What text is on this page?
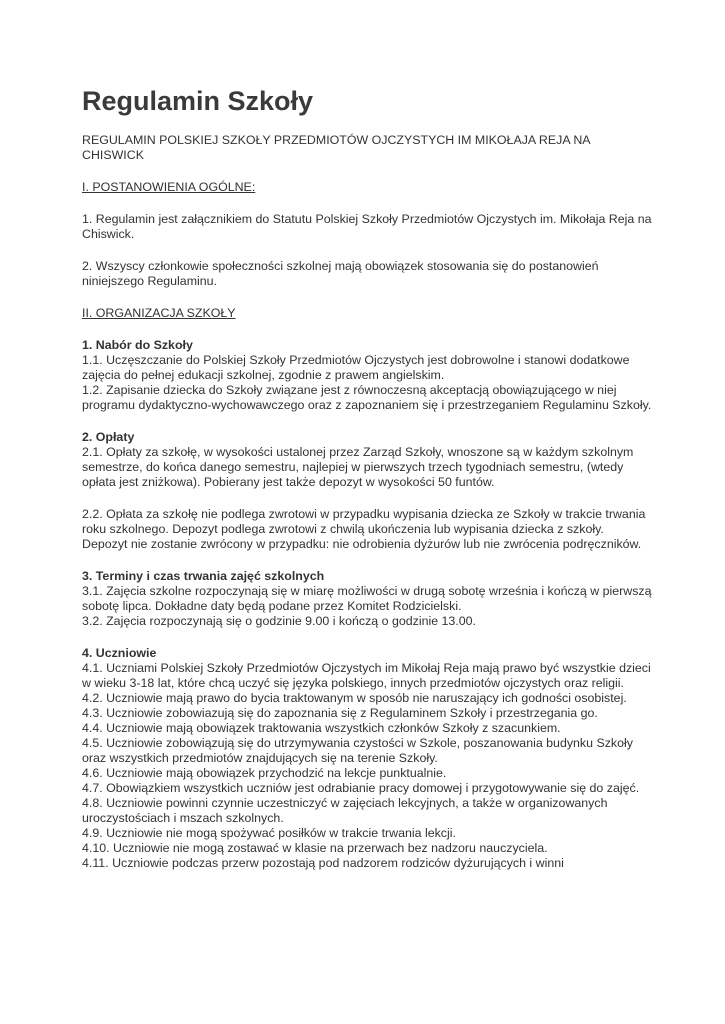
Regulamin Szkoły

REGULAMIN POLSKIEJ SZKOŁY PRZEDMIOTÓW OJCZYSTYCH IM MIKOŁAJA REJA NA CHISWICK

I. POSTANOWIENIA OGÓLNE:

1. Regulamin jest załącznikiem do Statutu Polskiej Szkoły Przedmiotów Ojczystych im. Mikołaja Reja na Chiswick.

2. Wszyscy członkowie społeczności szkolnej mają obowiązek stosowania się do postanowień niniejszego Regulaminu.

II. ORGANIZACJA SZKOŁY

1. Nabór do Szkoły

1.1. Uczęszczanie do Polskiej Szkoły Przedmiotów Ojczystych jest dobrowolne i stanowi dodatkowe zajęcia do pełnej edukacji szkolnej, zgodnie z prawem angielskim.
1.2. Zapisanie dziecka do Szkoły związane jest z równoczesną akceptacją obowiązującego w niej programu dydaktyczno-wychowawczego oraz z zapoznaniem się i przestrzeganiem Regulaminu Szkoły.

2. Opłaty

2.1. Opłaty za szkołę, w wysokości ustalonej przez Zarząd Szkoły, wnoszone są w każdym szkolnym semestrze, do końca danego semestru, najlepiej w pierwszych trzech tygodniach semestru, (wtedy opłata jest zniżkowa). Pobierany jest także depozyt w wysokości 50 funtów.

2.2. Opłata za szkołę nie podlega zwrotowi w przypadku wypisania dziecka ze Szkoły w trakcie trwania roku szkolnego. Depozyt podlega zwrotowi z chwilą ukończenia lub wypisania dziecka z szkoły. Depozyt nie zostanie zwrócony w przypadku: nie odrobienia dyżurów lub nie zwrócenia podręczników.

3. Terminy i czas trwania zajęć szkolnych

3.1. Zajęcia szkolne rozpoczynają się w miarę możliwości w drugą sobotę września i kończą w pierwszą sobotę lipca. Dokładne daty będą podane przez Komitet Rodzicielski.
3.2. Zajęcia rozpoczynają się o godzinie 9.00 i kończą o godzinie 13.00.

4. Uczniowie

4.1. Uczniami Polskiej Szkoły Przedmiotów Ojczystych im Mikołaj Reja mają prawo być wszystkie dzieci w wieku 3-18 lat, które chcą uczyć się języka polskiego, innych przedmiotów ojczystych oraz religii.
4.2. Uczniowie mają prawo do bycia traktowanym w sposób nie naruszający ich godności osobistej.
4.3. Uczniowie zobowiazują się do zapoznania się z Regulaminem Szkoły i przestrzegania go.
4.4. Uczniowie mają obowiązek traktowania wszystkich członków Szkoły z szacunkiem.
4.5. Uczniowie zobowiązują się do utrzymywania czystości w Szkole, poszanowania budynku Szkoły oraz wszystkich przedmiotów znajdujących się na terenie Szkoły.
4.6. Uczniowie mają obowiązek przychodzić na lekcje punktualnie.
4.7. Obowiązkiem wszystkich uczniów jest odrabianie pracy domowej i przygotowywanie się do zajęć.
4.8. Uczniowie powinni czynnie uczestniczyć w zajęciach lekcyjnych, a także w organizowanych uroczystościach i mszach szkolnych.
4.9. Uczniowie nie mogą spożywać posiłków w trakcie trwania lekcji.
4.10. Uczniowie nie mogą zostawać w klasie na przerwach bez nadzoru nauczyciela.
4.11. Uczniowie podczas przerw pozostają pod nadzorem rodziców dyżurujących i winni
